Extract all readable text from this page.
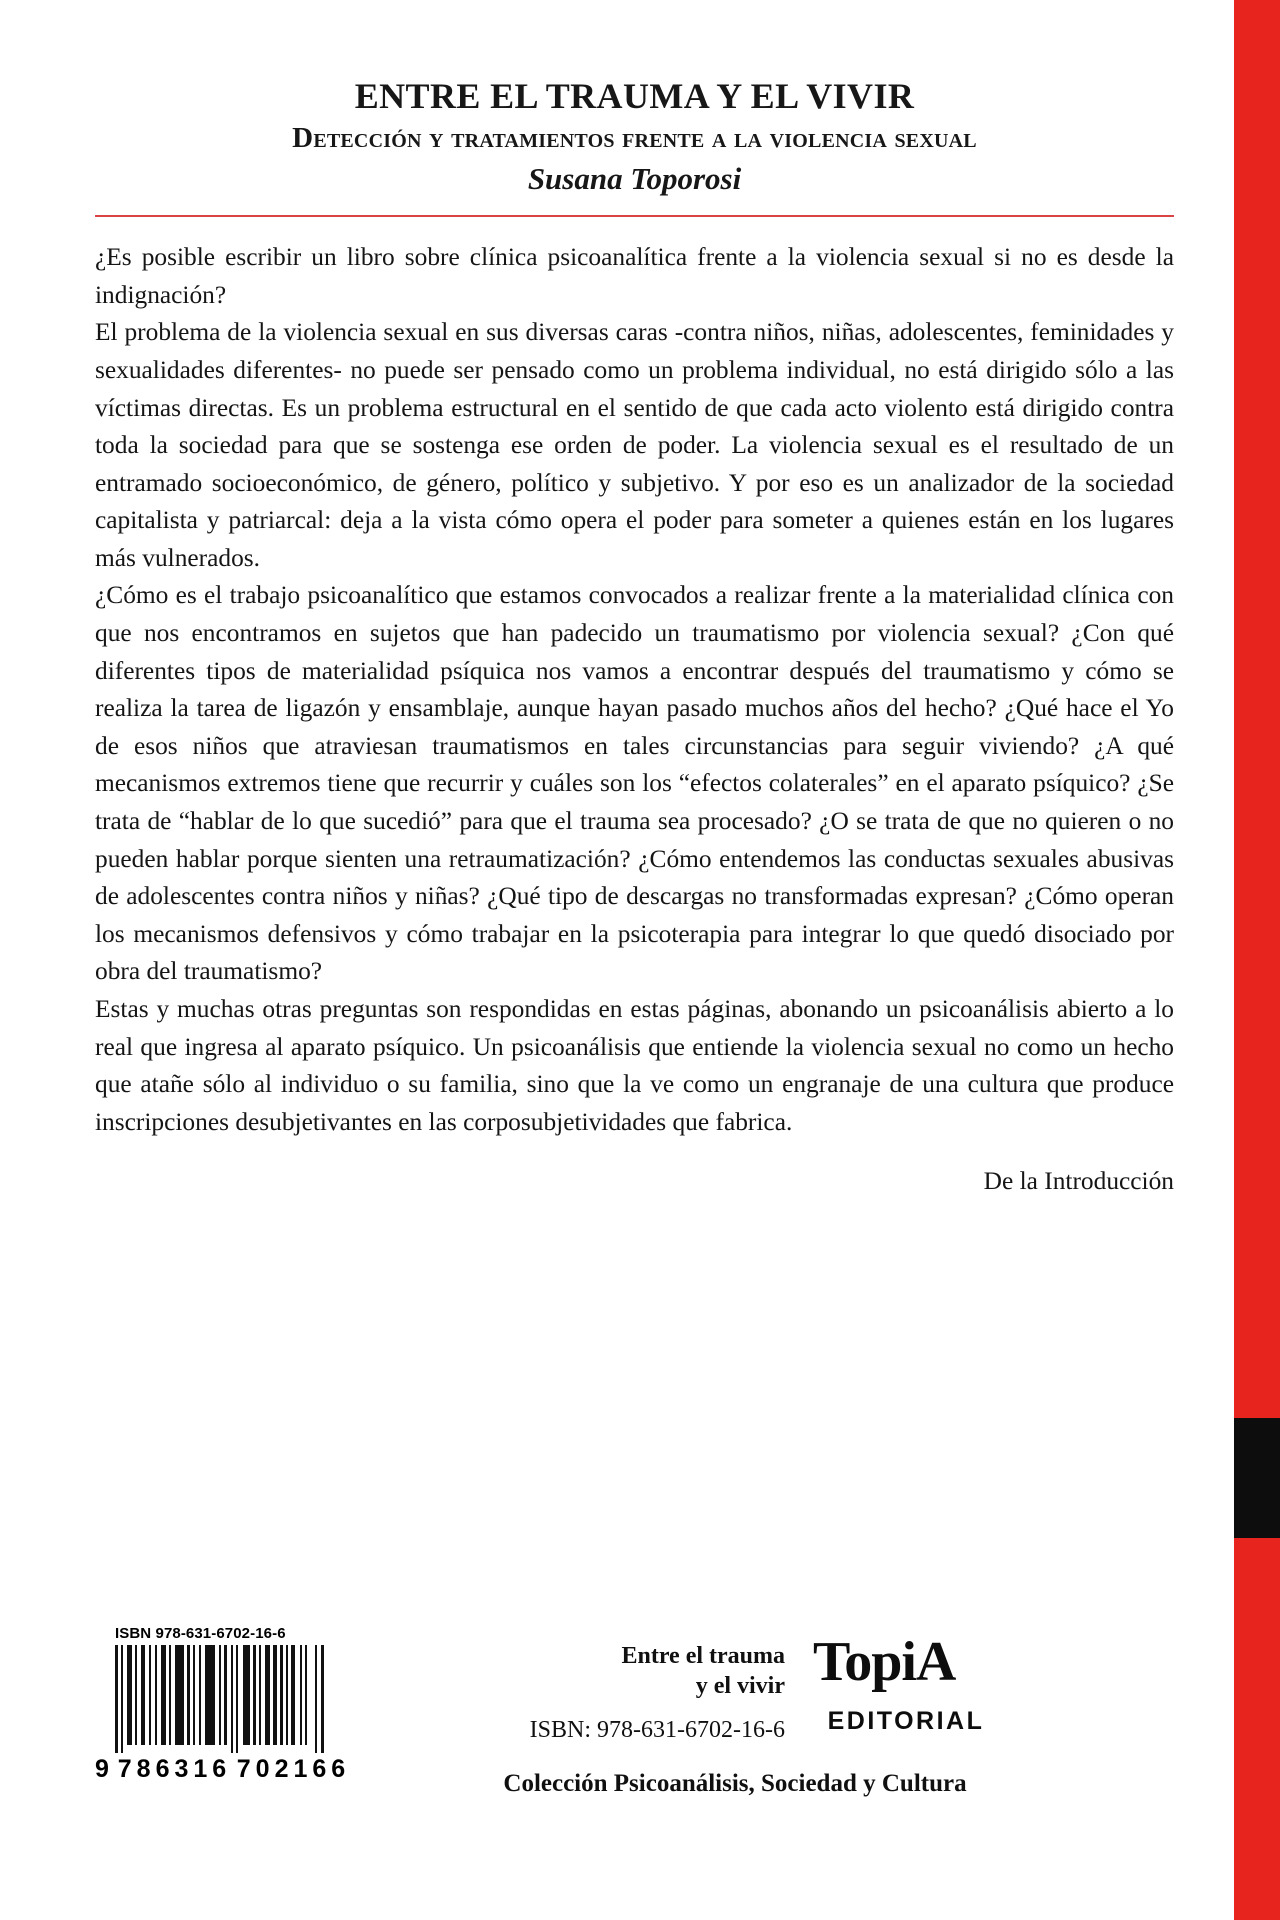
ENTRE EL TRAUMA Y EL VIVIR
Detección y tratamientos frente a la violencia sexual
Susana Toporosi

¿Es posible escribir un libro sobre clínica psicoanalítica frente a la violencia sexual si no es desde la indignación?

El problema de la violencia sexual en sus diversas caras -contra niños, niñas, adolescentes, feminidades y sexualidades diferentes- no puede ser pensado como un problema individual, no está dirigido sólo a las víctimas directas. Es un problema estructural en el sentido de que cada acto violento está dirigido contra toda la sociedad para que se sostenga ese orden de poder. La violencia sexual es el resultado de un entramado socioeconómico, de género, político y subjetivo. Y por eso es un analizador de la sociedad capitalista y patriarcal: deja a la vista cómo opera el poder para someter a quienes están en los lugares más vulnerados.

¿Cómo es el trabajo psicoanalítico que estamos convocados a realizar frente a la materialidad clínica con que nos encontramos en sujetos que han padecido un traumatismo por violencia sexual? ¿Con qué diferentes tipos de materialidad psíquica nos vamos a encontrar después del traumatismo y cómo se realiza la tarea de ligazón y ensamblaje, aunque hayan pasado muchos años del hecho? ¿Qué hace el Yo de esos niños que atraviesan traumatismos en tales circunstancias para seguir viviendo? ¿A qué mecanismos extremos tiene que recurrir y cuáles son los “efectos colaterales” en el aparato psíquico? ¿Se trata de “hablar de lo que sucedió” para que el trauma sea procesado? ¿O se trata de que no quieren o no pueden hablar porque sienten una retraumatización? ¿Cómo entendemos las conductas sexuales abusivas de adolescentes contra niños y niñas? ¿Qué tipo de descargas no transformadas expresan? ¿Cómo operan los mecanismos defensivos y cómo trabajar en la psicoterapia para integrar lo que quedó disociado por obra del traumatismo?

Estas y muchas otras preguntas son respondidas en estas páginas, abonando un psicoanálisis abierto a lo real que ingresa al aparato psíquico. Un psicoanálisis que entiende la violencia sexual no como un hecho que atañe sólo al individuo o su familia, sino que la ve como un engranaje de una cultura que produce inscripciones desubjetivantes en las corposubjetividades que fabrica.

De la Introducción
ISBN 978-631-6702-16-6
9 786316 702166
Entre el trauma
y el vivir TopiA
ISBN: 978-631-6702-16-6	EDITORIAL
Colección Psicoanálisis, Sociedad y Cultura
